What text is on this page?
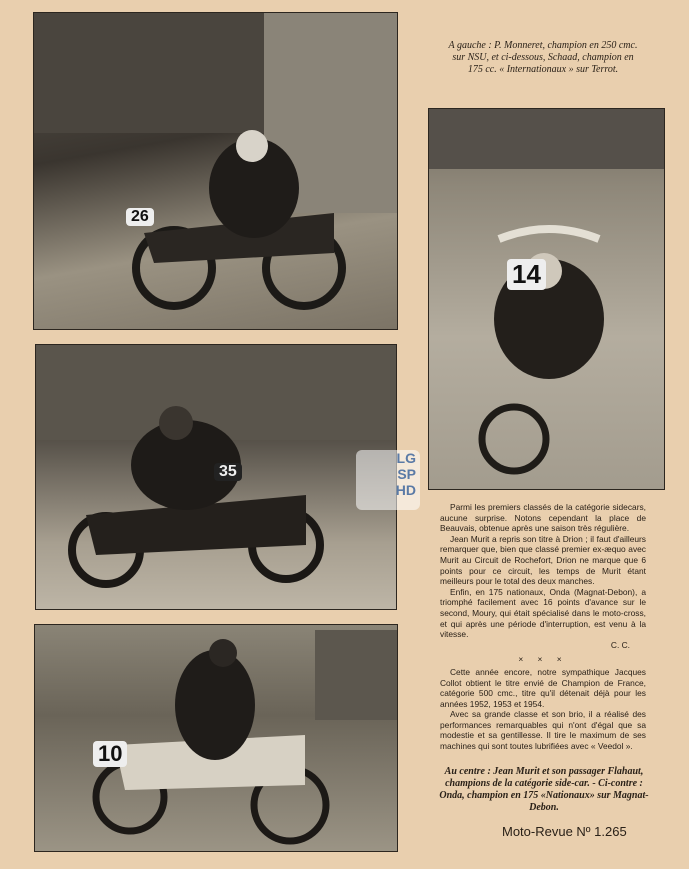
26
14
35
10
A gauche : P. Monneret, champion en 250 cmc. sur NSU, et ci-dessous, Schaad, champion en 175 cc. « Internationaux » sur Terrot.
Au centre : Jean Murit et son passager Flahaut, champions de la catégorie side-car. - Ci-contre : Onda, champion en 175 «Nationaux» sur Magnat-Debon.
LG
SP
HD

Parmi les premiers classés de la catégorie sidecars, aucune surprise. Notons cependant la place de Beauvais, obtenue après une saison très régulière.

Jean Murit a repris son titre à Drion ; il faut d'ailleurs remarquer que, bien que classé premier ex-æquo avec Murit au Circuit de Rochefort, Drion ne marque que 6 points pour ce circuit, les temps de Murit étant meilleurs pour le total des deux manches.

Enfin, en 175 nationaux, Onda (Magnat-Debon), a triomphé facilement avec 16 points d'avance sur le second, Moury, qui était spécialisé dans le moto-cross, et qui après une période d'interruption, est venu à la vitesse.

C. C.
× × ×

Cette année encore, notre sympathique Jacques Collot obtient le titre envié de Champion de France, catégorie 500 cmc., titre qu'il détenait déjà pour les années 1952, 1953 et 1954.

Avec sa grande classe et son brio, il a réalisé des performances remarquables qui n'ont d'égal que sa modestie et sa gentillesse. Il tire le maximum de ses machines qui sont toutes lubrifiées avec « Veedol ».

Moto-Revue Nº 1.265
